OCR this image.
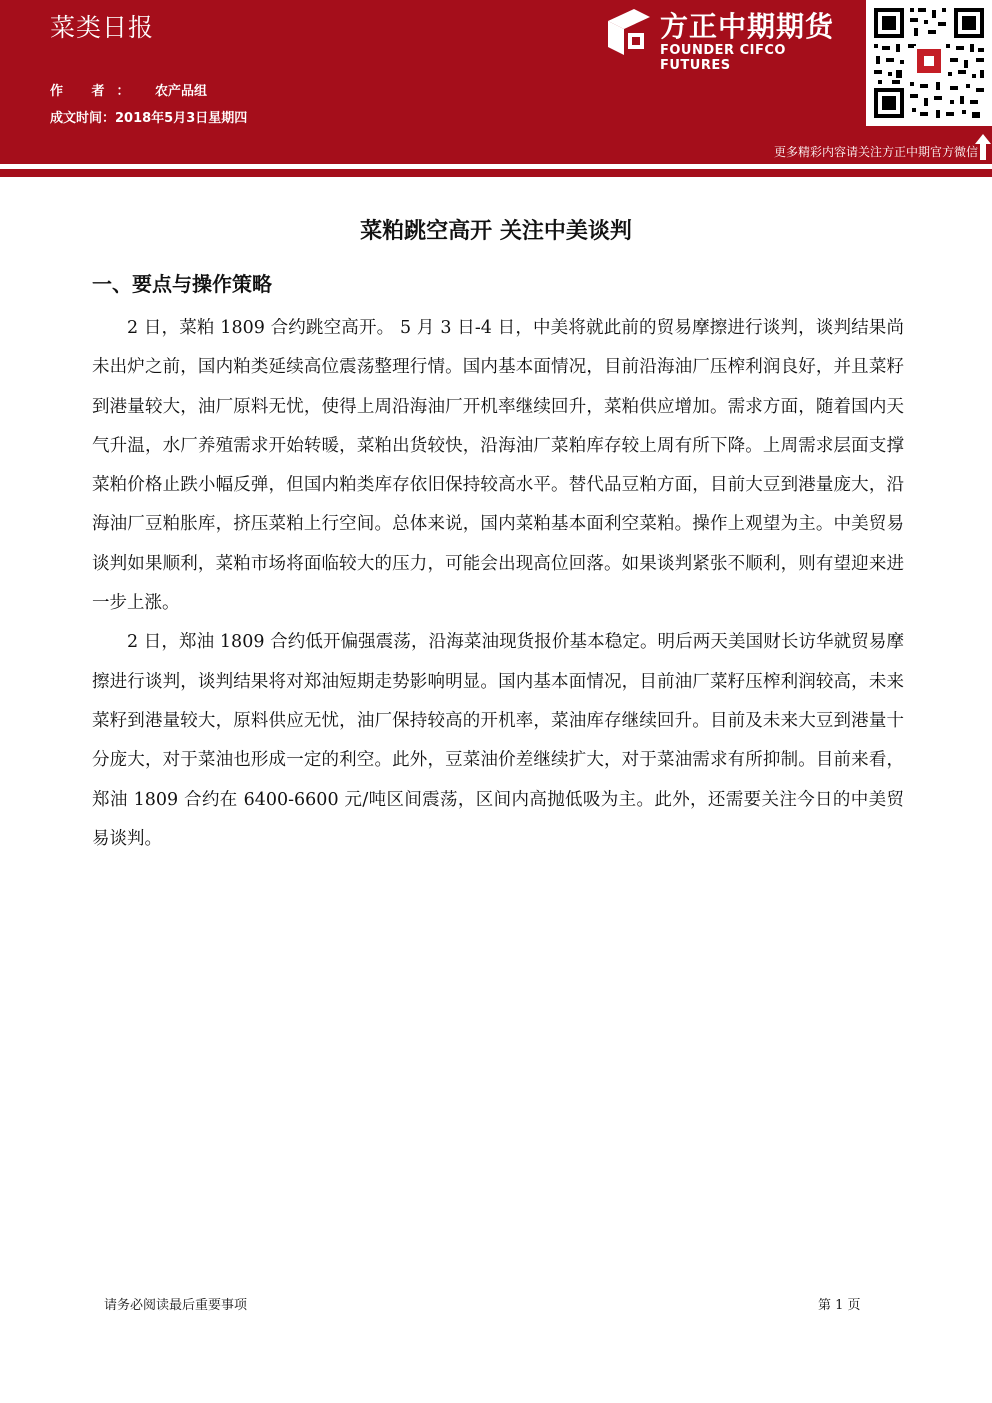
菜类日报
作 者： 农产品组
成文时间：2018年5月3日星期四
方正中期期货
FOUNDER CIFCO FUTURES
更多精彩内容请关注方正中期官方微信
菜粕跳空高开 关注中美谈判
一、要点与操作策略

2 日，菜粕 1809 合约跳空高开。 5 月 3 日-4 日，中美将就此前的贸易摩擦进行谈判，谈判结果尚未出炉之前，国内粕类延续高位震荡整理行情。国内基本面情况，目前沿海油厂压榨利润良好，并且菜籽到港量较大，油厂原料无忧，使得上周沿海油厂开机率继续回升，菜粕供应增加。需求方面，随着国内天气升温，水厂养殖需求开始转暖，菜粕出货较快，沿海油厂菜粕库存较上周有所下降。上周需求层面支撑菜粕价格止跌小幅反弹，但国内粕类库存依旧保持较高水平。替代品豆粕方面，目前大豆到港量庞大，沿海油厂豆粕胀库，挤压菜粕上行空间。总体来说，国内菜粕基本面利空菜粕。操作上观望为主。中美贸易谈判如果顺利，菜粕市场将面临较大的压力，可能会出现高位回落。如果谈判紧张不顺利，则有望迎来进一步上涨。

2 日，郑油 1809 合约低开偏强震荡，沿海菜油现货报价基本稳定。明后两天美国财长访华就贸易摩擦进行谈判，谈判结果将对郑油短期走势影响明显。国内基本面情况，目前油厂菜籽压榨利润较高，未来菜籽到港量较大，原料供应无忧，油厂保持较高的开机率，菜油库存继续回升。目前及未来大豆到港量十分庞大，对于菜油也形成一定的利空。此外，豆菜油价差继续扩大，对于菜油需求有所抑制。目前来看，郑油 1809 合约在 6400-6600 元/吨区间震荡，区间内高抛低吸为主。此外，还需要关注今日的中美贸易谈判。

请务必阅读最后重要事项	第 1 页
